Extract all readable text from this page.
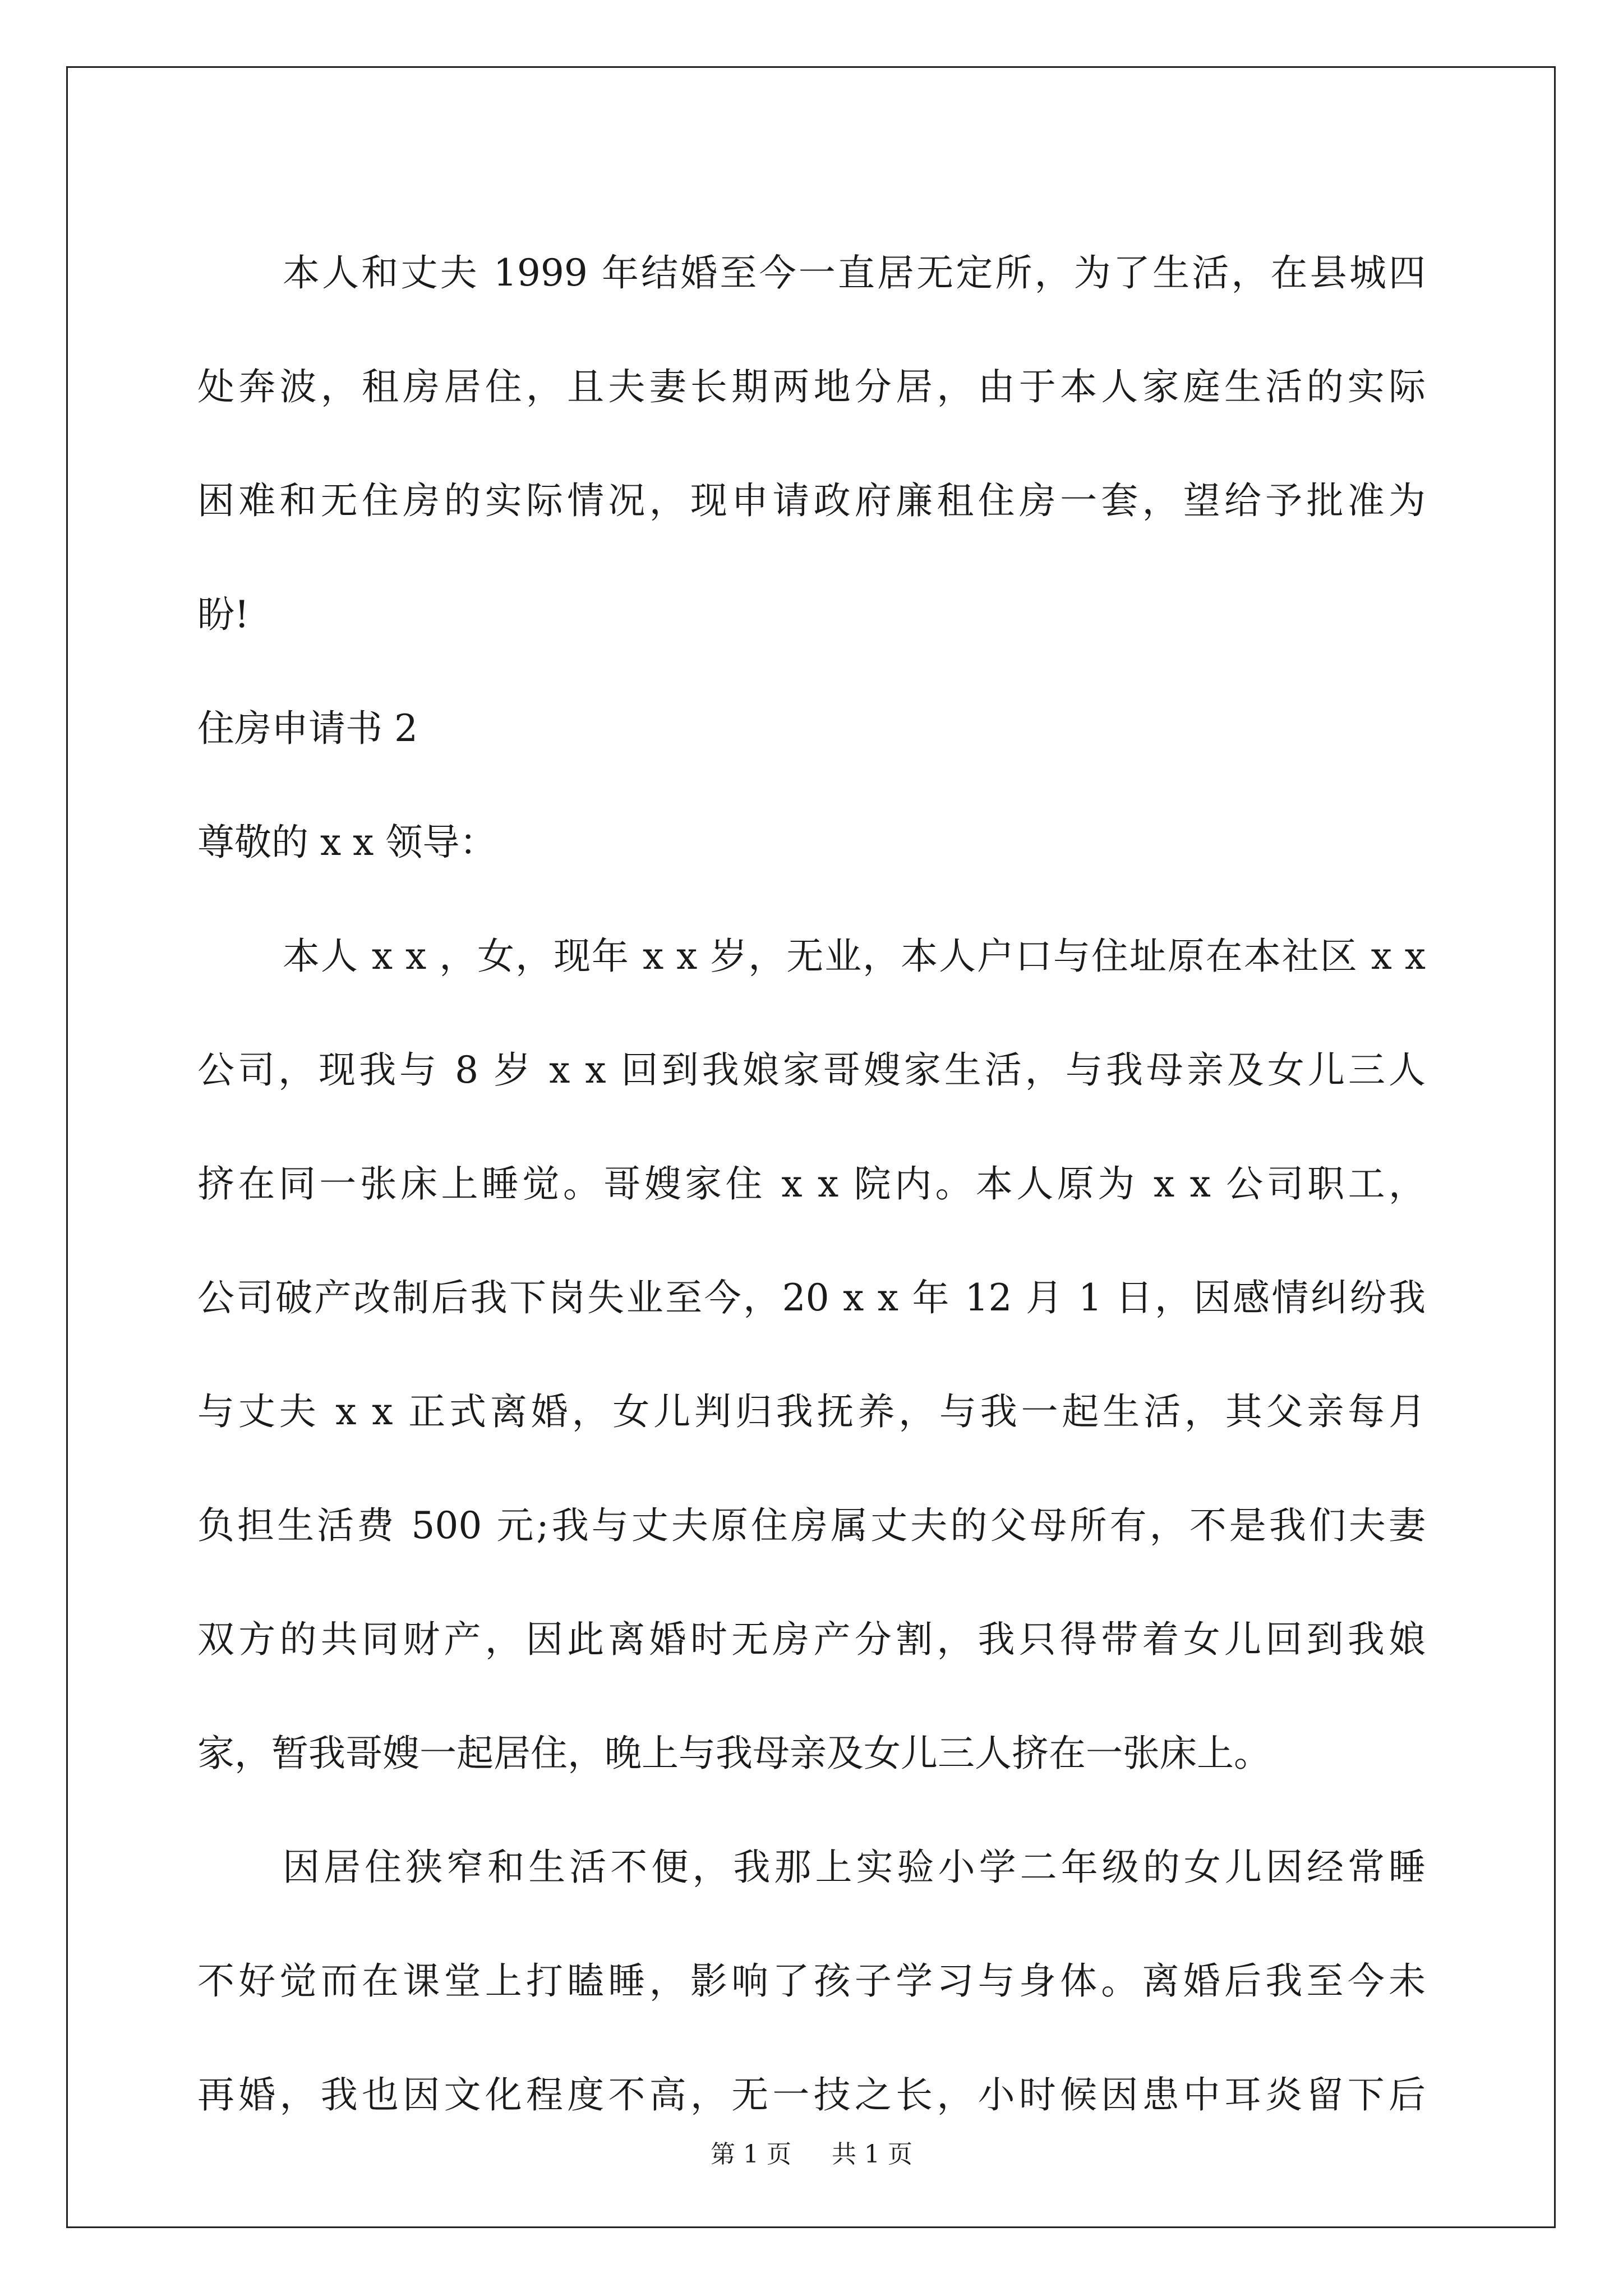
本人和丈夫 1999 年结婚至今一直居无定所，为了生活，在县城四
处奔波，租房居住，且夫妻长期两地分居，由于本人家庭生活的实际
困难和无住房的实际情况，现申请政府廉租住房一套，望给予批准为
盼!
住房申请书 2
尊敬的 x x 领导：
本人 x x ，女，现年 x x 岁，无业，本人户口与住址原在本社区 x x
公司，现我与 8 岁 x x 回到我娘家哥嫂家生活，与我母亲及女儿三人
挤在同一张床上睡觉。哥嫂家住 x x 院内。本人原为 x x 公司职工，
公司破产改制后我下岗失业至今，20 x x 年 12 月 1 日，因感情纠纷我
与丈夫 x x 正式离婚，女儿判归我抚养，与我一起生活，其父亲每月
负担生活费 500 元;我与丈夫原住房属丈夫的父母所有，不是我们夫妻
双方的共同财产，因此离婚时无房产分割，我只得带着女儿回到我娘
家，暂我哥嫂一起居住，晚上与我母亲及女儿三人挤在一张床上。
因居住狭窄和生活不便，我那上实验小学二年级的女儿因经常睡
不好觉而在课堂上打瞌睡，影响了孩子学习与身体。离婚后我至今未
再婚，我也因文化程度不高，无一技之长，小时候因患中耳炎留下后
第 1 页 共 1 页
